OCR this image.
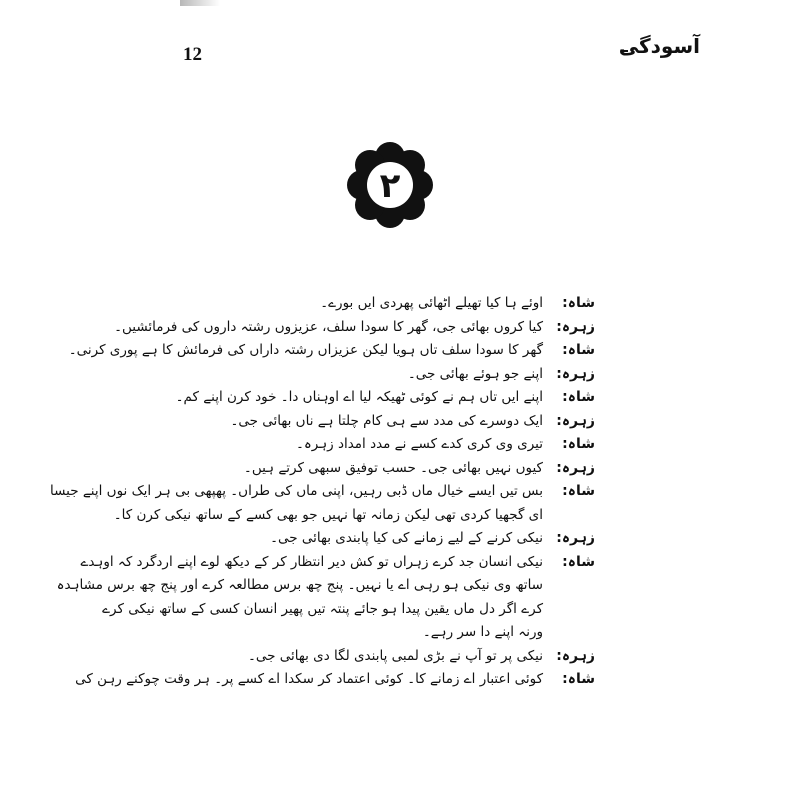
12	آسودگی
۲
شاہ:
اوئے ہا کیا تھیلے اٹھائی پھردی ایں بورے۔
زہرہ:
کیا کروں بھائی جی، گھر کا سودا سلف، عزیزوں رشتہ داروں کی فرمائشیں۔
شاہ:
گھر کا سودا سلف تاں ہویا لیکن عزیزاں رشتہ داراں کی فرمائش کا ہے پوری کرنی۔
زہرہ:
اپنے جو ہوئے بھائی جی۔
شاہ:
اپنے ایں تاں ہم نے کوئی ٹھیکہ لیا اے اوہناں دا۔ خود کرن اپنے کم۔
زہرہ:
ایک دوسرے کی مدد سے ہی کام چلتا ہے ناں بھائی جی۔
شاہ:
تیری وی کری کدے کسے نے مدد امداد زہرہ۔
زہرہ:
کیوں نہیں بھائی جی۔ حسب توفیق سبھی کرتے ہیں۔
شاہ:
بس تیں ایسے خیال ماں ڈبی رہیں، اپنی ماں کی طراں۔ پھپھی بی ہر ایک نوں اپنے جیسا
ای گجھیا کردی تھی لیکن زمانہ تھا نہیں جو بھی کسے کے ساتھ نیکی کرن کا۔
زہرہ:
نیکی کرنے کے لیے زمانے کی کیا پابندی بھائی جی۔
شاہ:
نیکی انسان جد کرے زہراں تو کش دیر انتظار کر کے دیکھ لوے اپنے اردگرد کہ اوہدے
ساتھ وی نیکی ہو رہی اے یا نہیں۔ پنج چھ برس مطالعہ کرے اور پنج چھ برس مشاہدہ
کرے اگر دل ماں یقین پیدا ہو جائے پنتہ تیں پھیر انسان کسی کے ساتھ نیکی کرے
ورنہ اپنے دا سر رہے۔
زہرہ:
نیکی پر تو آپ نے بڑی لمبی پابندی لگا دی بھائی جی۔
شاہ:
کوئی اعتبار اے زمانے کا۔ کوئی اعتماد کر سکدا اے کسے پر۔ ہر وقت چوکنے رہن کی
